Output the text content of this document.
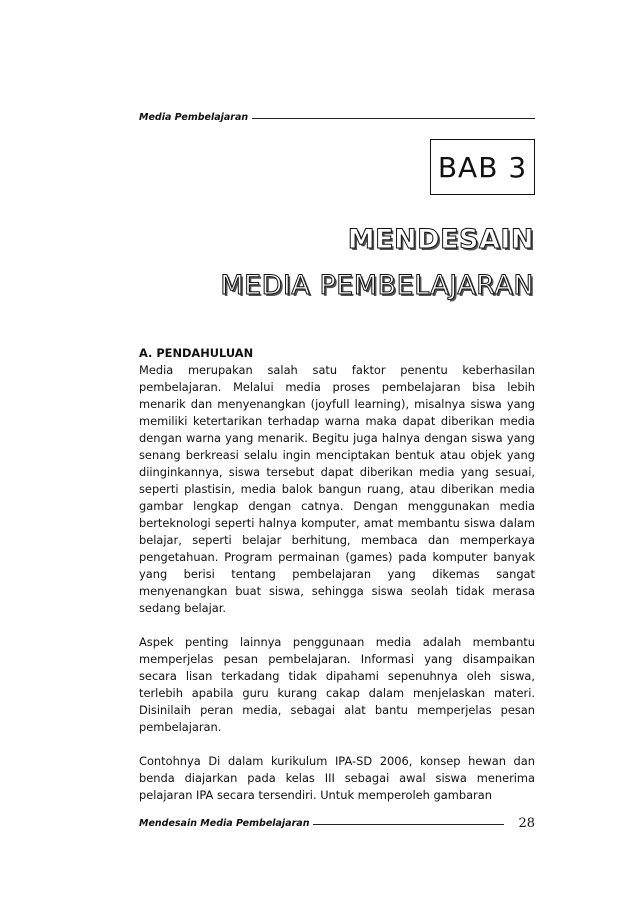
Media Pembelajaran
BAB 3
MENDESAIN
MEDIA PEMBELAJARAN
A. PENDAHULUAN

Media merupakan salah satu faktor penentu keberhasilan pembelajaran. Melalui media proses pembelajaran bisa lebih menarik dan menyenangkan (joyfull learning), misalnya siswa yang memiliki ketertarikan terhadap warna maka dapat diberikan media dengan warna yang menarik. Begitu juga halnya dengan siswa yang senang berkreasi selalu ingin menciptakan bentuk atau objek yang diinginkannya, siswa tersebut dapat diberikan media yang sesuai, seperti plastisin, media balok bangun ruang, atau diberikan media gambar lengkap dengan catnya. Dengan menggunakan media berteknologi seperti halnya komputer, amat membantu siswa dalam belajar, seperti belajar berhitung, membaca dan memperkaya pengetahuan. Program permainan (games) pada komputer banyak yang berisi tentang pembelajaran yang dikemas sangat menyenangkan buat siswa, sehingga siswa seolah tidak merasa sedang belajar.

Aspek penting lainnya penggunaan media adalah membantu memperjelas pesan pembelajaran. Informasi yang disampaikan secara lisan terkadang tidak dipahami sepenuhnya oleh siswa, terlebih apabila guru kurang cakap dalam menjelaskan materi. Disinilaih peran media, sebagai alat bantu memperjelas pesan pembelajaran.

Contohnya Di dalam kurikulum IPA-SD 2006, konsep hewan dan benda diajarkan pada kelas III sebagai awal siswa menerima pelajaran IPA secara tersendiri. Untuk memperoleh gambaran

Mendesain Media Pembelajaran	28
